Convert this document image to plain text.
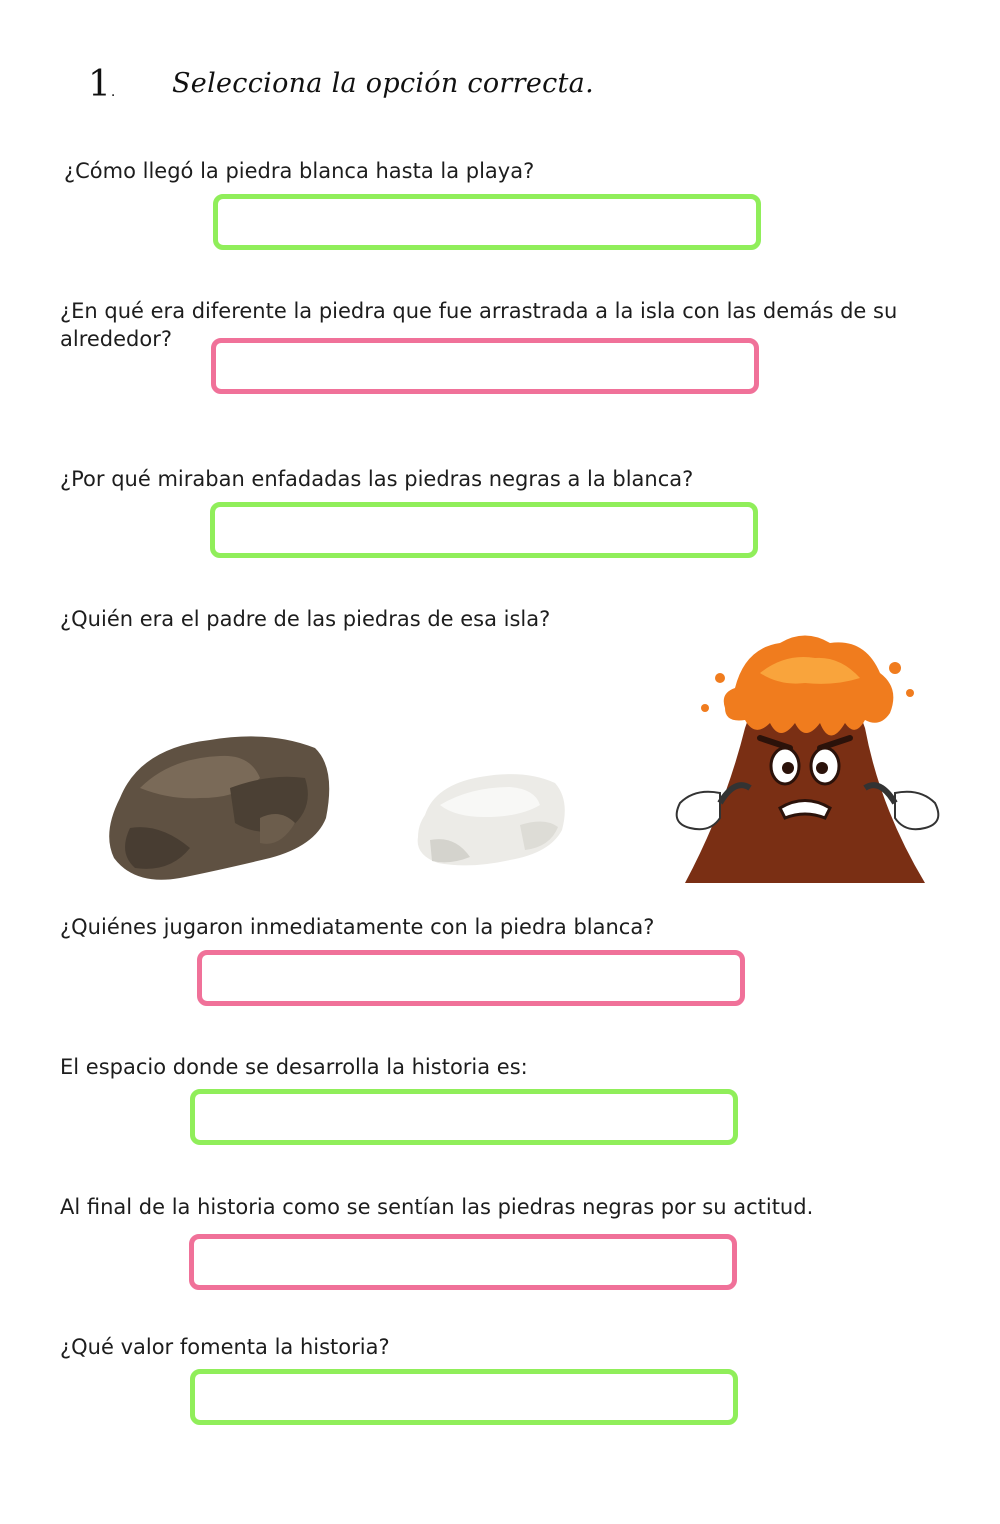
1. Selecciona la opción correcta.
¿Cómo llegó la piedra blanca hasta la playa?
¿En qué era diferente la piedra que fue arrastrada a la isla con las demás de su alrededor?
¿Por qué miraban enfadadas las piedras negras a la blanca?
¿Quién era el padre de las piedras de esa isla?
¿Quiénes jugaron inmediatamente con la piedra blanca?
El espacio donde se desarrolla la historia es:
Al final de la historia como se sentían las piedras negras por su actitud.
¿Qué valor fomenta la historia?
